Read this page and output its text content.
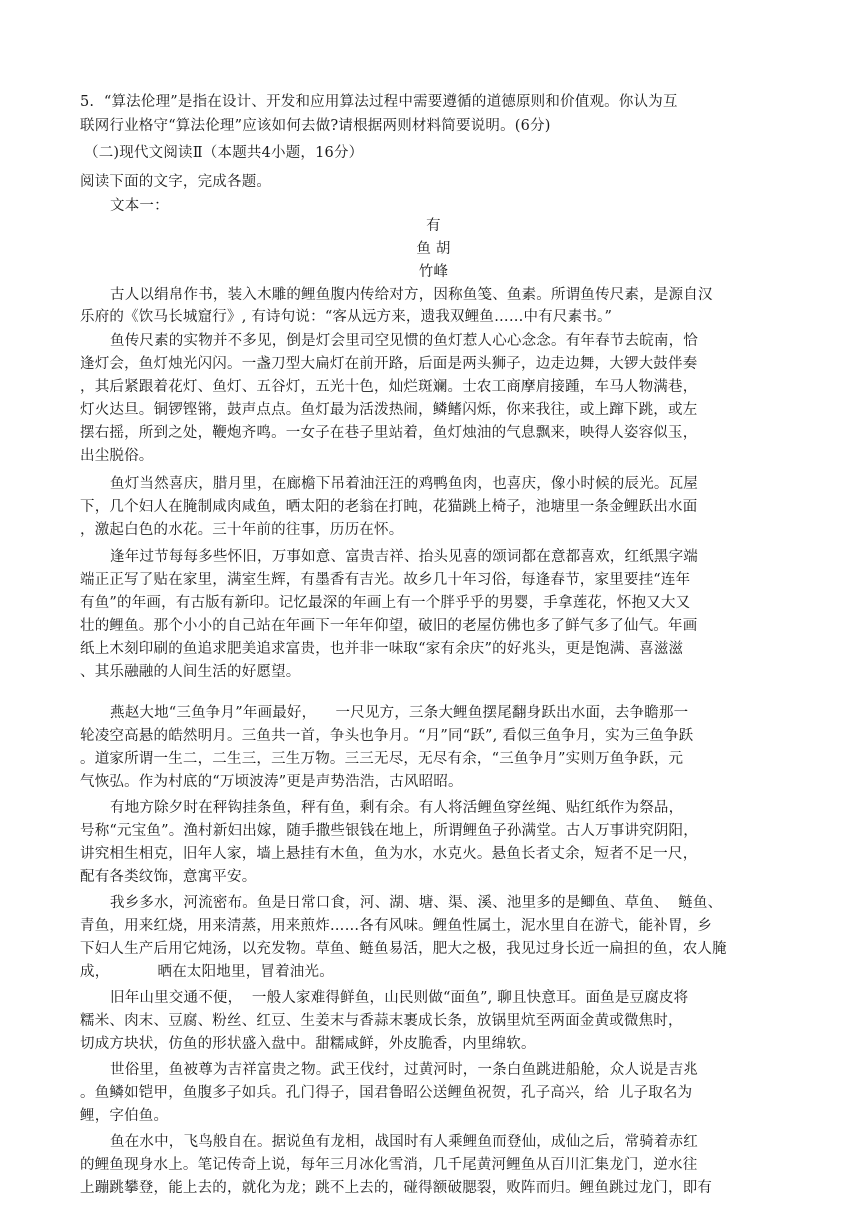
5.  “算法伦理”是指在设计、开发和应用算法过程中需要遵循的道德原则和价值观。你认为互
联网行业格守“算法伦理”应该如何去做?请根据两则材料简要说明。(6分)
（二)现代文阅读Ⅱ（本题共4小题，16分）
阅读下面的文字，完成各题。
文本一：
有
鱼 胡
竹峰
古人以绢帛作书，装入木雕的鲤鱼腹内传给对方，因称鱼笺、鱼素。所谓鱼传尺素，是源自汉
乐府的《饮马长城窟行》, 有诗句说：“客从远方来，遗我双鲤鱼……中有尺素书。”
鱼传尺素的实物并不多见，倒是灯会里司空见惯的鱼灯惹人心心念念。有年春节去皖南，恰
逢灯会，鱼灯烛光闪闪。一盏刀型大扁灯在前开路，后面是两头狮子，边走边舞，大锣大鼓伴奏
，其后紧跟着花灯、鱼灯、五谷灯，五光十色，灿烂斑斓。士农工商摩肩接踵，车马人物满巷，
灯火达旦。铜锣铿锵，鼓声点点。鱼灯最为活泼热闹，鳞鳍闪烁，你来我往，或上蹿下跳，或左
摆右摇，所到之处，鞭炮齐鸣。一女子在巷子里站着，鱼灯烛油的气息飘来，映得人姿容似玉，
出尘脱俗。
鱼灯当然喜庆，腊月里，在廊檐下吊着油汪汪的鸡鸭鱼肉，也喜庆，像小时候的辰光。瓦屋
下，几个妇人在腌制咸肉咸鱼，晒太阳的老翁在打盹，花猫跳上椅子，池塘里一条金鲤跃出水面
，激起白色的水花。三十年前的往事，历历在怀。
逢年过节每每多些怀旧，万事如意、富贵吉祥、抬头见喜的颂词都在意都喜欢，红纸黑字端
端正正写了贴在家里，满室生辉，有墨香有吉光。故乡几十年习俗，每逢春节，家里要挂“连年
有鱼”的年画，有古版有新印。记忆最深的年画上有一个胖乎乎的男婴，手拿莲花，怀抱又大又
壮的鲤鱼。那个小小的自己站在年画下一年年仰望，破旧的老屋仿佛也多了鲜气多了仙气。年画
纸上木刻印刷的鱼追求肥美追求富贵，也并非一味取“家有余庆”的好兆头，更是饱满、喜滋滋
、其乐融融的人间生活的好愿望。
燕赵大地“三鱼争月”年画最好，    一尺见方，三条大鲤鱼摆尾翻身跃出水面，去争瞻那一
轮凌空高悬的皓然明月。三鱼共一首，争头也争月。“月”同“跃”, 看似三鱼争月，实为三鱼争跃
。道家所谓一生二，二生三，三生万物。三三无尽，无尽有余，“三鱼争月”实则万鱼争跃，元
气恢弘。作为村底的“万顷波涛”更是声势浩浩，古风昭昭。
有地方除夕时在秤钩挂条鱼，秤有鱼，剩有余。有人将活鲤鱼穿丝绳、贴红纸作为祭品，
号称“元宝鱼”。渔村新妇出嫁，随手撒些银钱在地上，所谓鲤鱼子孙满堂。古人万事讲究阴阳，
讲究相生相克，旧年人家，墙上悬挂有木鱼，鱼为水，水克火。悬鱼长者丈余，短者不足一尺，
配有各类纹饰，意寓平安。
我乡多水，河流密布。鱼是日常口食，河、湖、塘、渠、溪、池里多的是鲫鱼、草鱼、  鲢鱼、
青鱼，用来红烧，用来清蒸，用来煎炸……各有风味。鲤鱼性属土，泥水里自在游弋，能补胃，乡
下妇人生产后用它炖汤，以充发物。草鱼、鲢鱼易活，肥大之极，我见过身长近一扁担的鱼，农人腌
成，          晒在太阳地里，冒着油光。
旧年山里交通不便，  一般人家难得鲜鱼，山民则做“面鱼”, 聊且快意耳。面鱼是豆腐皮将
糯米、肉末、豆腐、粉丝、红豆、生姜末与香蒜末裹成长条，放锅里炕至两面金黄或微焦时，
切成方块状，仿鱼的形状盛入盘中。甜糯咸鲜，外皮脆香，内里绵软。
世俗里，鱼被尊为吉祥富贵之物。武王伐纣，过黄河时，一条白鱼跳进船舱，众人说是吉兆
。鱼鳞如铠甲，鱼腹多子如兵。孔门得子，国君鲁昭公送鲤鱼祝贺，孔子高兴，给  儿子取名为
鲤，字伯鱼。
鱼在水中，飞鸟般自在。据说鱼有龙相，战国时有人乘鲤鱼而登仙，成仙之后，常骑着赤红
的鲤鱼现身水上。笔记传奇上说，每年三月冰化雪消，几千尾黄河鲤鱼从百川汇集龙门，逆水往
上蹦跳攀登，能上去的，就化为龙；跳不上去的，碰得额破腮裂，败阵而归。鲤鱼跳过龙门，即有
